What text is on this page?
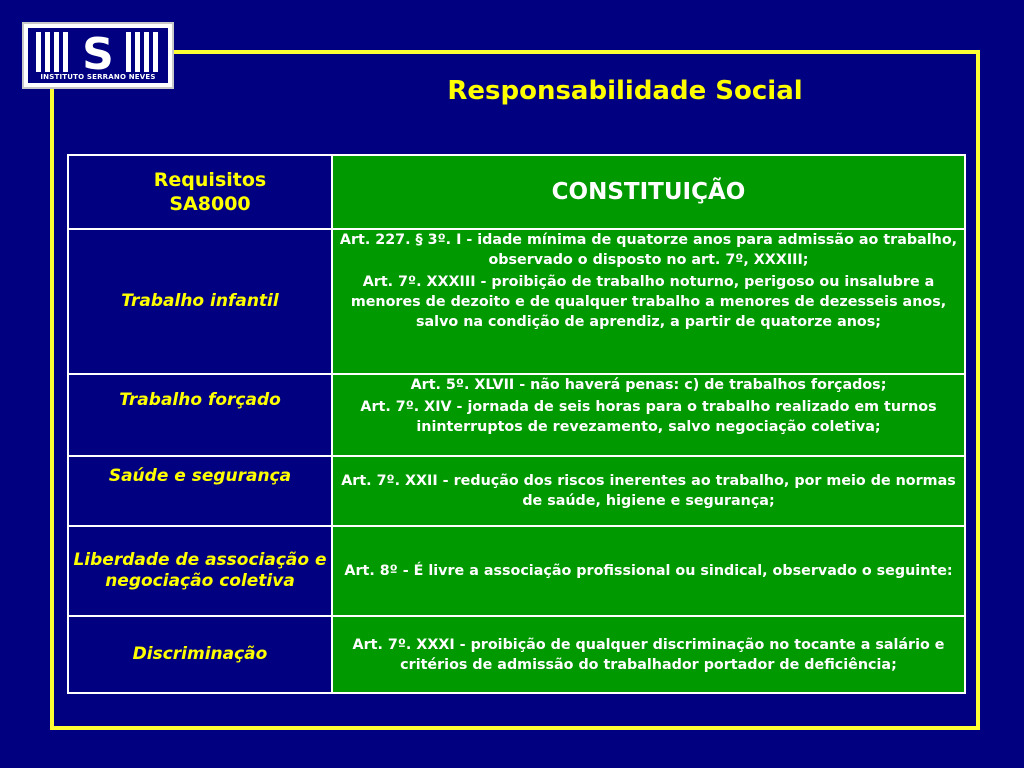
S
INSTITUTO SERRANO NEVES	Responsabilidade Social
Requisitos
SA8000	CONSTITUIÇÃO
Trabalho infantil	Art. 227. § 3º. I - idade mínima de quatorze anos para admissão ao trabalho, observado o disposto no art. 7º, XXXIII;

Art. 7º. XXXIII - proibição de trabalho noturno, perigoso ou insalubre a menores de dezoito e de qualquer trabalho a menores de dezesseis anos, salvo na condição de aprendiz, a partir de quatorze anos;

Trabalho forçado	Art. 5º. XLVII - não haverá penas: c) de trabalhos forçados;

Art. 7º. XIV - jornada de seis horas para o trabalho realizado em turnos ininterruptos de revezamento, salvo negociação coletiva;

Saúde e segurança	Art. 7º. XXII - redução dos riscos inerentes ao trabalho, por meio de normas de saúde, higiene e segurança;

Liberdade de associação e negociação coletiva	Art. 8º - É livre a associação profissional ou sindical, observado o seguinte:

Discriminação	Art. 7º. XXXI - proibição de qualquer discriminação no tocante a salário e critérios de admissão do trabalhador portador de deficiência;
